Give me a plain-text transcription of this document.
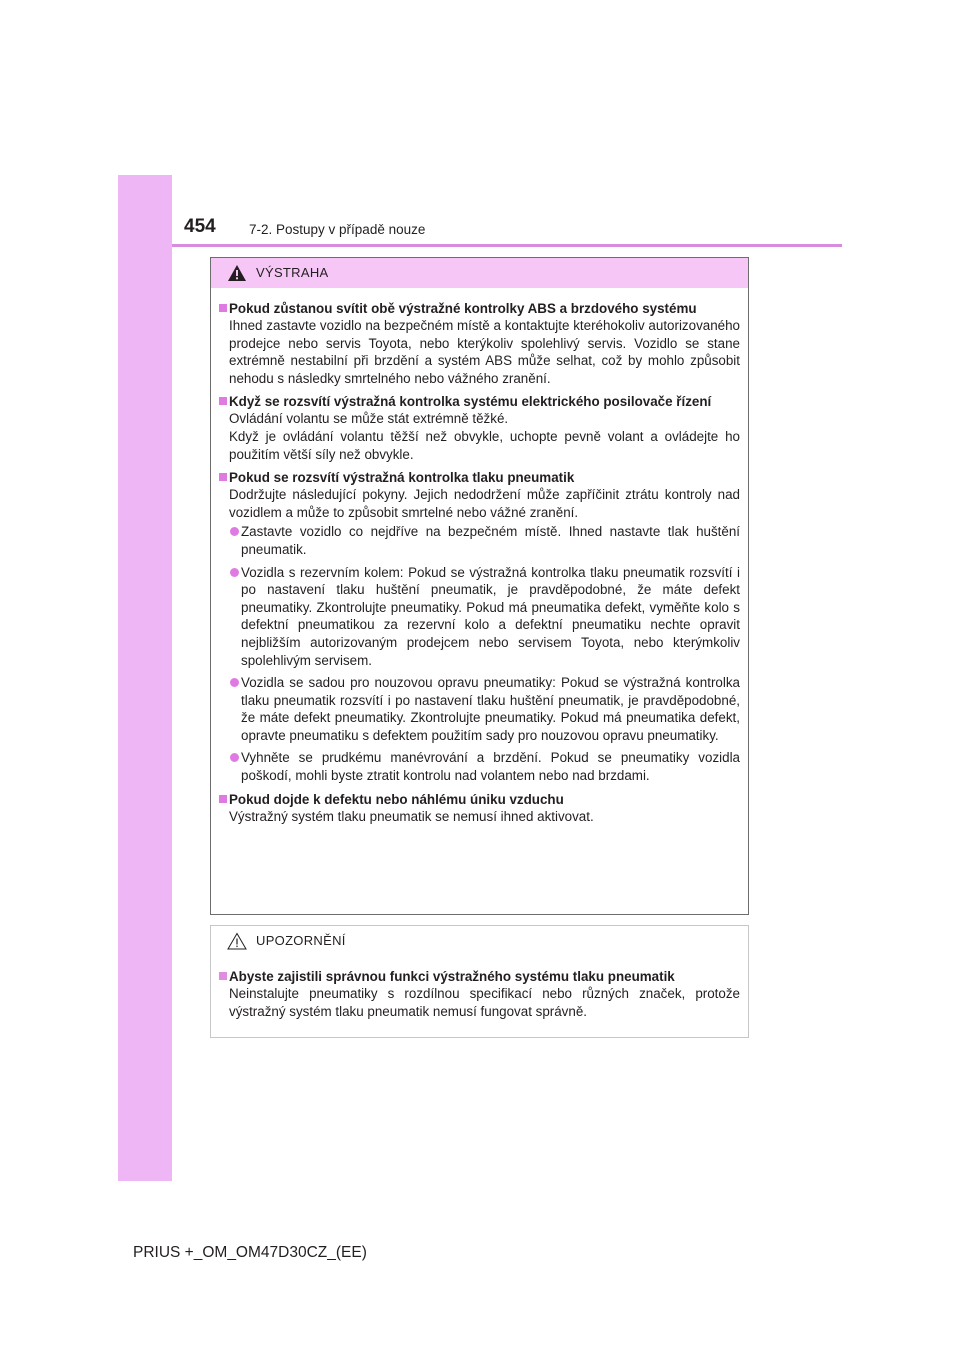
454 7-2. Postupy v případě nouze
VÝSTRAHA
Pokud zůstanou svítit obě výstražné kontrolky ABS a brzdového systému
Ihned zastavte vozidlo na bezpečném místě a kontaktujte kteréhokoliv autorizovaného prodejce nebo servis Toyota, nebo kterýkoliv spolehlivý servis. Vozidlo se stane extrémně nestabilní při brzdění a systém ABS může selhat, což by mohlo způsobit nehodu s následky smrtelného nebo vážného zranění.
Když se rozsvítí výstražná kontrolka systému elektrického posilovače řízení
Ovládání volantu se může stát extrémně těžké.
Když je ovládání volantu těžší než obvykle, uchopte pevně volant a ovládejte ho použitím větší síly než obvykle.
Pokud se rozsvítí výstražná kontrolka tlaku pneumatik
Dodržujte následující pokyny. Jejich nedodržení může zapříčinit ztrátu kontroly nad vozidlem a může to způsobit smrtelné nebo vážné zranění.
Zastavte vozidlo co nejdříve na bezpečném místě. Ihned nastavte tlak huštění pneumatik.
Vozidla s rezervním kolem: Pokud se výstražná kontrolka tlaku pneumatik rozsvítí i po nastavení tlaku huštění pneumatik, je pravděpodobné, že máte defekt pneumatiky. Zkontrolujte pneumatiky. Pokud má pneumatika defekt, vyměňte kolo s defektní pneumatikou za rezervní kolo a defektní pneumatiku nechte opravit nejbližším autorizovaným prodejcem nebo servisem Toyota, nebo kterýmkoliv spolehlivým servisem.
Vozidla se sadou pro nouzovou opravu pneumatiky: Pokud se výstražná kontrolka tlaku pneumatik rozsvítí i po nastavení tlaku huštění pneumatik, je pravděpodobné, že máte defekt pneumatiky. Zkontrolujte pneumatiky. Pokud má pneumatika defekt, opravte pneumatiku s defektem použitím sady pro nouzovou opravu pneumatiky.
Vyhněte se prudkému manévrování a brzdění. Pokud se pneumatiky vozidla poškodí, mohli byste ztratit kontrolu nad volantem nebo nad brzdami.
Pokud dojde k defektu nebo náhlému úniku vzduchu
Výstražný systém tlaku pneumatik se nemusí ihned aktivovat.
UPOZORNĚNÍ
Abyste zajistili správnou funkci výstražného systému tlaku pneumatik
Neinstalujte pneumatiky s rozdílnou specifikací nebo různých značek, protože výstražný systém tlaku pneumatik nemusí fungovat správně.
PRIUS +_OM_OM47D30CZ_(EE)
